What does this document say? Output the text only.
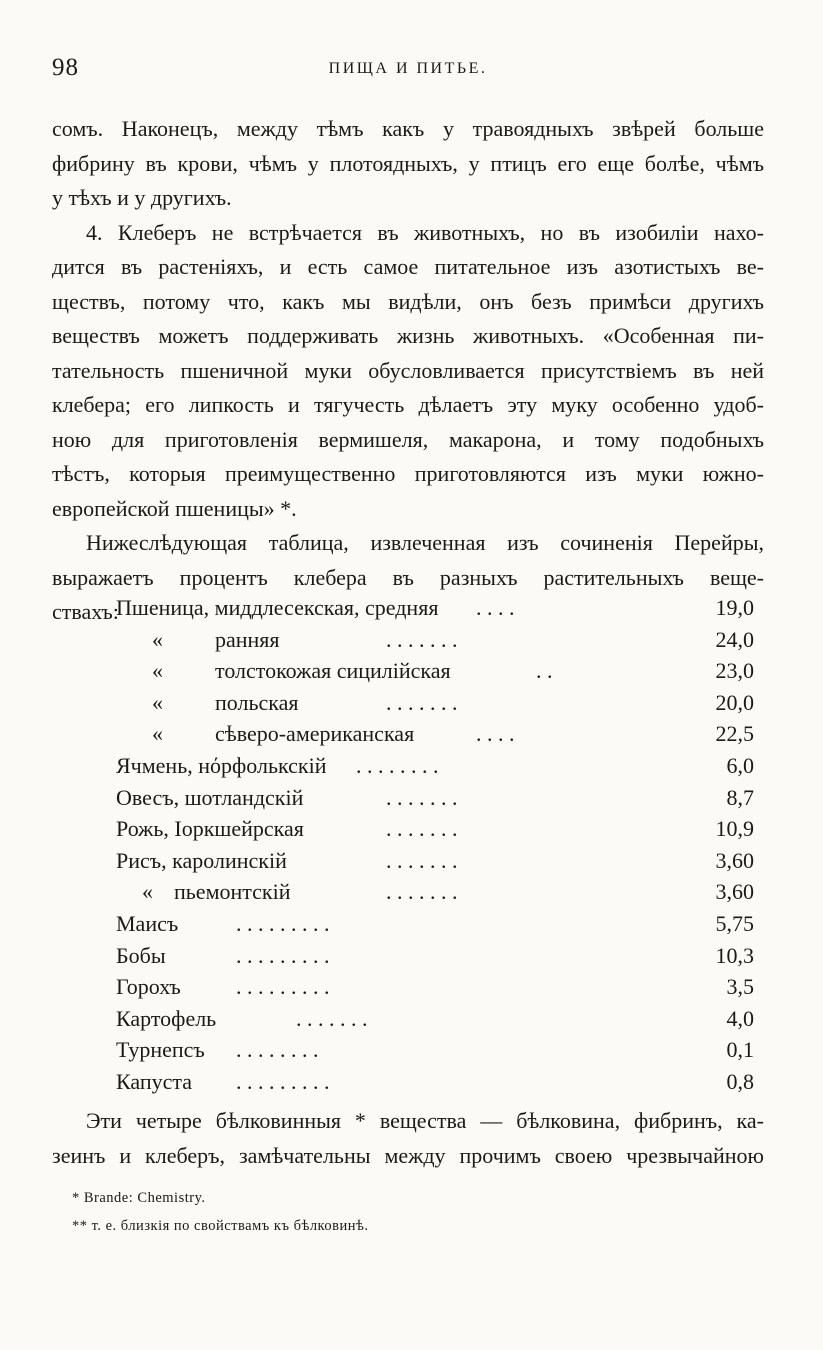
98	ПИЩА И ПИТЬЕ.
сомъ. Наконецъ, между тѣмъ какъ у травоядныхъ звѣрей больше
фибрину въ крови, чѣмъ у плотоядныхъ, у птицъ его еще болѣе, чѣмъ
у тѣхъ и у другихъ.
4. Клеберъ не встрѣчается въ животныхъ, но въ изобиліи нахо-
дится въ растеніяхъ, и есть самое питательное изъ азотистыхъ ве-
ществъ, потому что, какъ мы видѣли, онъ безъ примѣси другихъ
веществъ можетъ поддерживать жизнь животныхъ. «Особенная пи-
тательность пшеничной муки обусловливается присутствіемъ въ ней
клебера; его липкость и тягучесть дѣлаетъ эту муку особенно удоб-
ною для приготовленія вермишеля, макарона, и тому подобныхъ
тѣстъ, которыя преимущественно приготовляются изъ муки южно-
европейской пшеницы» *.
Нижеслѣдующая таблица, извлеченная изъ сочиненія Перейры,
выражаетъ процентъ клебера въ разныхъ растительныхъ веще-
ствахъ:
Пшеница, миддлесекская, средняя . . . .	19,0
« ранняя	. . . . . . .	24,0
« толстокожая сицилійская	. .	23,0
« польская	. . . . . . .	20,0
« сѣверо-американская	. . . .	22,5
Ячмень, нόрфолькскій . . . . . . . .	6,0
Овесъ, шотландскій	. . . . . . .	8,7
Рожь, Іоркшейрская	. . . . . . .	10,9
Рисъ, каролинскій	. . . . . . .	3,60
« пьемонтскій	. . . . . . .	3,60
Маисъ	. . . . . . . . .	5,75
Бобы	. . . . . . . . .	10,3
Горохъ	. . . . . . . . .	3,5
Картофель	. . . . . . .	4,0
Турнепсъ . . . . . . . .	0,1
Капуста . . . . . . . . .	0,8
Эти четыре бѣлковинныя * вещества — бѣлковина, фибринъ, ка-
зеинъ и клеберъ, замѣчательны между прочимъ своею чрезвычайною
* Brande: Chemistry.
** т. е. близкія по свойствамъ къ бѣлковинѣ.
